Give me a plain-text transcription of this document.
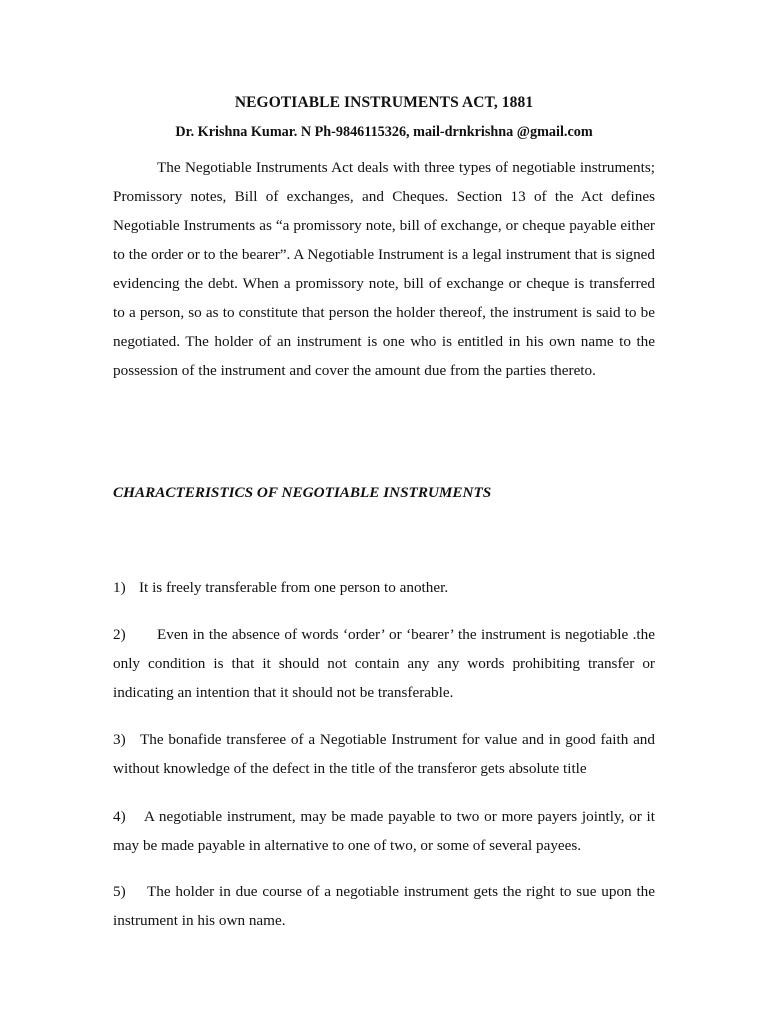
NEGOTIABLE INSTRUMENTS ACT, 1881
Dr. Krishna Kumar. N Ph-9846115326, mail-drnkrishna @gmail.com

The Negotiable Instruments Act deals with three types of negotiable instruments; Promissory notes, Bill of exchanges, and Cheques. Section 13 of the Act defines Negotiable Instruments as “a promissory note, bill of exchange, or cheque payable either to the order or to the bearer”. A Negotiable Instrument is a legal instrument that is signed evidencing the debt. When a promissory note, bill of exchange or cheque is transferred to a person, so as to constitute that person the holder thereof, the instrument is said to be negotiated. The holder of an instrument is one who is entitled in his own name to the possession of the instrument and cover the amount due from the parties thereto.

CHARACTERISTICS OF NEGOTIABLE INSTRUMENTS

1) It is freely transferable from one person to another.

2) Even in the absence of words ‘order’ or ‘bearer’ the instrument is negotiable .the only condition is that it should not contain any any words prohibiting transfer or indicating an intention that it should not be transferable.

3) The bonafide transferee of a Negotiable Instrument for value and in good faith and without knowledge of the defect in the title of the transferor gets absolute title

4) A negotiable instrument, may be made payable to two or more payers jointly, or it may be made payable in alternative to one of two, or some of several payees.

5) The holder in due course of a negotiable instrument gets the right to sue upon the instrument in his own name.
